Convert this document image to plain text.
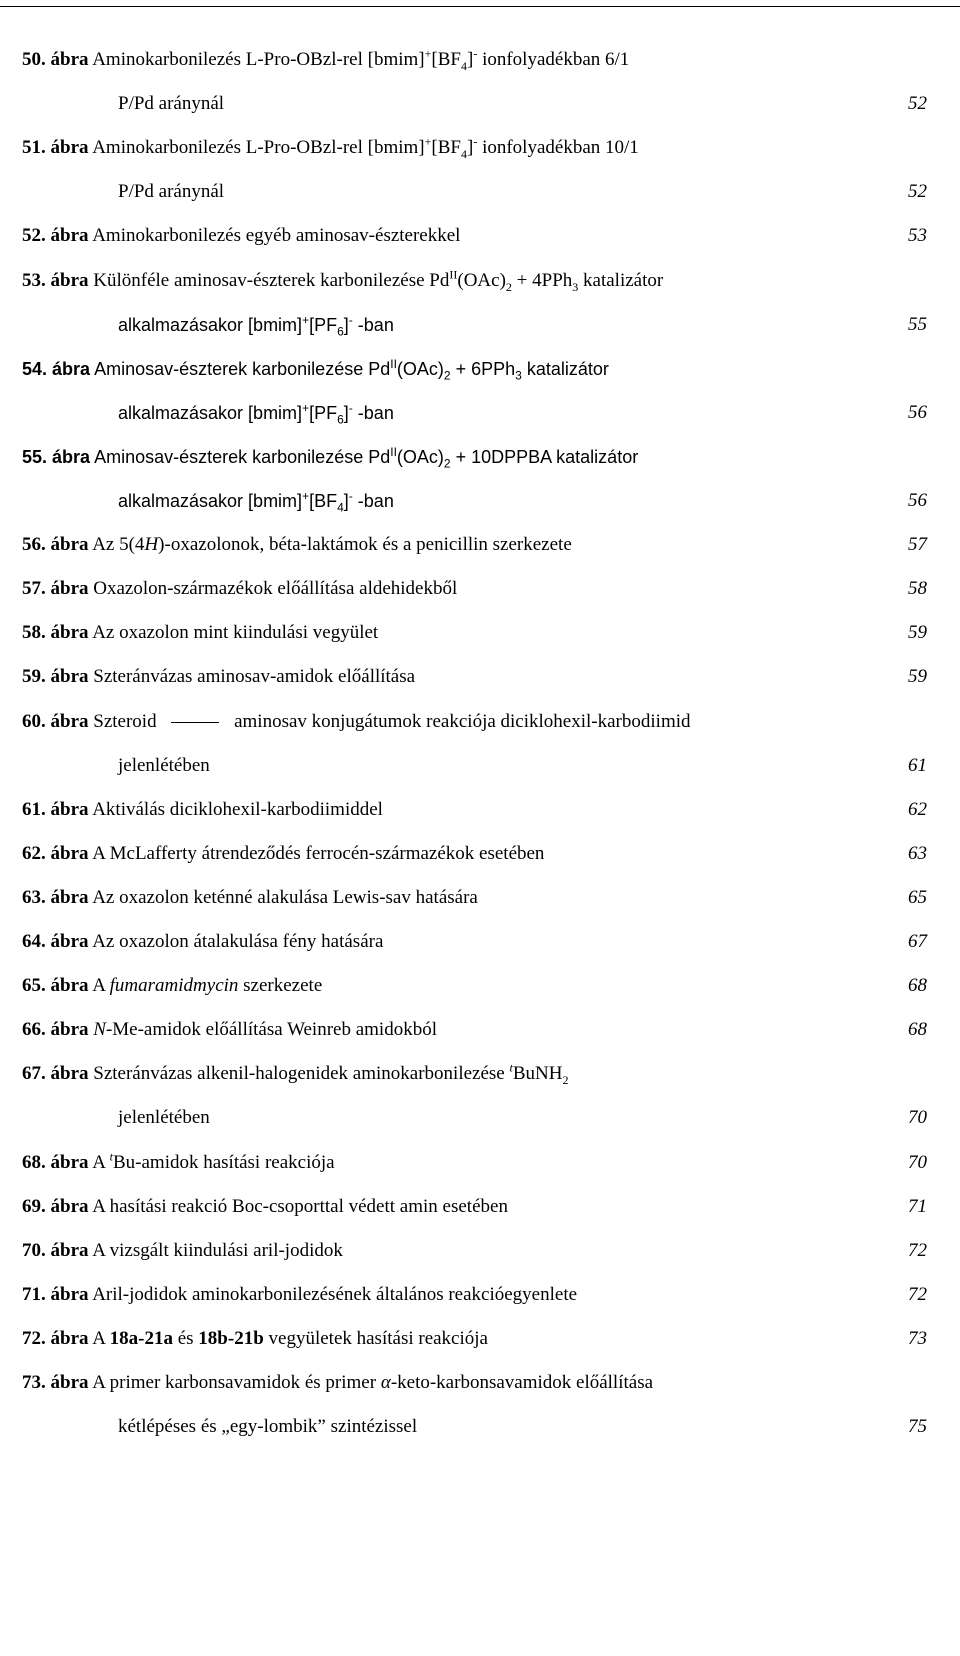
50. ábra Aminokarbonilezés L-Pro-OBzl-rel $[bmim]^+[BF_4]^-$ ionfolyadékban 6/1
P/Pd aránynál	52
51. ábra Aminokarbonilezés L-Pro-OBzl-rel $[bmim]^+[BF_4]^-$ ionfolyadékban 10/1
P/Pd aránynál	52
52. ábra Aminokarbonilezés egyéb aminosav-észterekkel	53
53. ábra Különféle aminosav-észterek karbonilezése $Pd^{II}(OAc)_2 + 4PPh_3$ katalizátor
alkalmazásakor $[bmim]^+[PF_6]^-$ -ban	55
54. ábra Aminosav-észterek karbonilezése $Pd^{II}(OAc)_2 + 6PPh_3$ katalizátor
alkalmazásakor $[bmim]^+[PF_6]^-$ -ban	56
55. ábra Aminosav-észterek karbonilezése $Pd^{II}(OAc)_2$ + 10DPPBA katalizátor
alkalmazásakor $[bmim]^+[BF_4]^-$ -ban	56
56. ábra Az 5(4H)-oxazolonok, béta-laktámok és a penicillin szerkezete	57
57. ábra Oxazolon-származékok előállítása aldehidekből	58
58. ábra Az oxazolon mint kiindulási vegyület	59
59. ábra Szteránvázas aminosav-amidok előállítása	59
60. ábra Szteroid	aminosav konjugátumok reakciója diciklohexil-karbodiimid
jelenlétében	61
61. ábra Aktiválás diciklohexil-karbodiimiddel	62
62. ábra A McLafferty átrendeződés ferrocén-származékok esetében	63
63. ábra Az oxazolon keténné alakulása Lewis-sav hatására	65
64. ábra Az oxazolon átalakulása fény hatására	67
65. ábra A fumaramidmycin szerkezete	68
66. ábra N-Me-amidok előállítása Weinreb amidokból	68
67. ábra Szteránvázas alkenil-halogenidek aminokarbonilezése $^t$BuNH$_2$
jelenlétében	70
68. ábra A $^t$Bu-amidok hasítási reakciója	70
69. ábra A hasítási reakció Boc-csoporttal védett amin esetében	71
70. ábra A vizsgált kiindulási aril-jodidok	72
71. ábra Aril-jodidok aminokarbonilezésének általános reakcióegyenlete	72
72. ábra A 18a-21a és 18b-21b vegyületek hasítási reakciója	73
73. ábra A primer karbonsavamidok és primer α-keto-karbonsavamidok előállítása
kétlépéses és „egy-lombik” szintézissel	75
